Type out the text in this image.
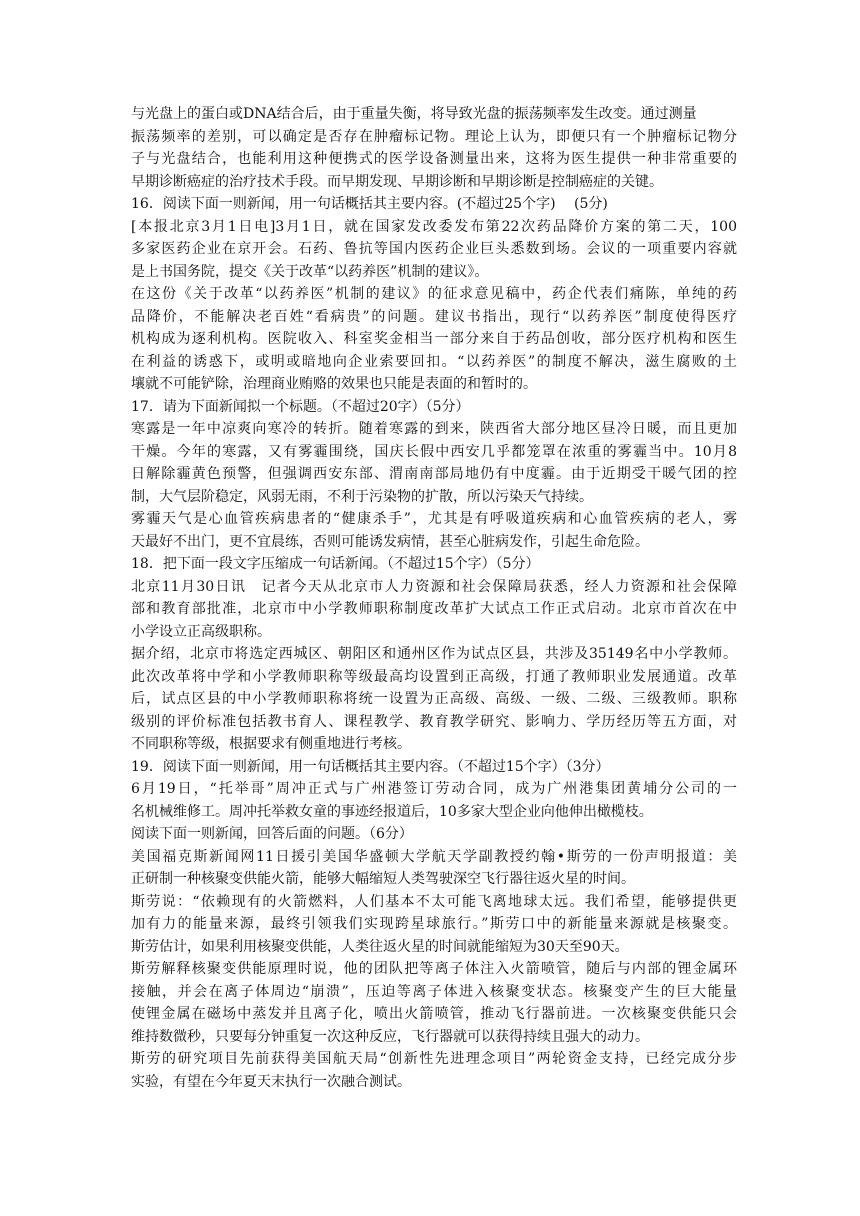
与光盘上的蛋白或DNA结合后，由于重量失衡，将导致光盘的振荡频率发生改变。通过测量
振荡频率的差别，可以确定是否存在肿瘤标记物。理论上认为，即便只有一个肿瘤标记物分
子与光盘结合，也能利用这种便携式的医学设备测量出来，这将为医生提供一种非常重要的
早期诊断癌症的治疗技术手段。而早期发现、早期诊断和早期诊断是控制癌症的关键。
16．阅读下面一则新闻，用一句话概括其主要内容。(不超过25个字)　 (5分)
[本报北京3月1日电]3月1日，就在国家发改委发布第22次药品降价方案的第二天，100
多家医药企业在京开会。石药、鲁抗等国内医药企业巨头悉数到场。会议的一项重要内容就
是上书国务院，提交《关于改革“以药养医”机制的建议》。
在这份《关于改革“以药养医”机制的建议》的征求意见稿中，药企代表们痛陈，单纯的药
品降价，不能解决老百姓“看病贵”的问题。建议书指出，现行“以药养医”制度使得医疗
机构成为逐利机构。医院收入、科室奖金相当一部分来自于药品创收，部分医疗机构和医生
在利益的诱惑下，或明或暗地向企业索要回扣。“以药养医”的制度不解决，滋生腐败的土
壤就不可能铲除，治理商业贿赂的效果也只能是表面的和暂时的。
17．请为下面新闻拟一个标题。（不超过20字）（5分）
寒露是一年中凉爽向寒冷的转折。随着寒露的到来，陕西省大部分地区昼冷日暖，而且更加
干燥。今年的寒露，又有雾霾围绕，国庆长假中西安几乎都笼罩在浓重的雾霾当中。10月8
日解除霾黄色预警，但强调西安东部、渭南南部局地仍有中度霾。由于近期受干暖气团的控
制，大气层阶稳定，风弱无雨，不利于污染物的扩散，所以污染天气持续。
雾霾天气是心血管疾病患者的“健康杀手”，尤其是有呼吸道疾病和心血管疾病的老人，雾
天最好不出门，更不宜晨练，否则可能诱发病情，甚至心脏病发作，引起生命危险。
18．把下面一段文字压缩成一句话新闻。（不超过15个字）（5分）
北京11月30日讯　记者今天从北京市人力资源和社会保障局获悉，经人力资源和社会保障
部和教育部批准，北京市中小学教师职称制度改革扩大试点工作正式启动。北京市首次在中
小学设立正高级职称。
据介绍，北京市将选定西城区、朝阳区和通州区作为试点区县，共涉及35149名中小学教师。
此次改革将中学和小学教师职称等级最高均设置到正高级，打通了教师职业发展通道。改革
后，试点区县的中小学教师职称将统一设置为正高级、高级、一级、二级、三级教师。职称
级别的评价标准包括教书育人、课程教学、教育教学研究、影响力、学历经历等五方面，对
不同职称等级，根据要求有侧重地进行考核。
19．阅读下面一则新闻，用一句话概括其主要内容。（不超过15个字）（3分）
6月19日，“托举哥”周冲正式与广州港签订劳动合同，成为广州港集团黄埔分公司的一
名机械维修工。周冲托举救女童的事迹经报道后，10多家大型企业向他伸出橄榄枝。
阅读下面一则新闻，回答后面的问题。（6分）
美国福克斯新闻网11日援引美国华盛顿大学航天学副教授约翰•斯劳的一份声明报道：美
正研制一种核聚变供能火箭，能够大幅缩短人类驾驶深空飞行器往返火星的时间。
斯劳说：“依赖现有的火箭燃料，人们基本不太可能飞离地球太远。我们希望，能够提供更
加有力的能量来源，最终引领我们实现跨星球旅行。”斯劳口中的新能量来源就是核聚变。
斯劳估计，如果利用核聚变供能，人类往返火星的时间就能缩短为30天至90天。
斯劳解释核聚变供能原理时说，他的团队把等离子体注入火箭喷管，随后与内部的锂金属环
接触，并会在离子体周边“崩溃”，压迫等离子体进入核聚变状态。核聚变产生的巨大能量
使锂金属在磁场中蒸发并且离子化，喷出火箭喷管，推动飞行器前进。一次核聚变供能只会
维持数微秒，只要每分钟重复一次这种反应，飞行器就可以获得持续且强大的动力。
斯劳的研究项目先前获得美国航天局“创新性先进理念项目”两轮资金支持，已经完成分步
实验，有望在今年夏天末执行一次融合测试。
